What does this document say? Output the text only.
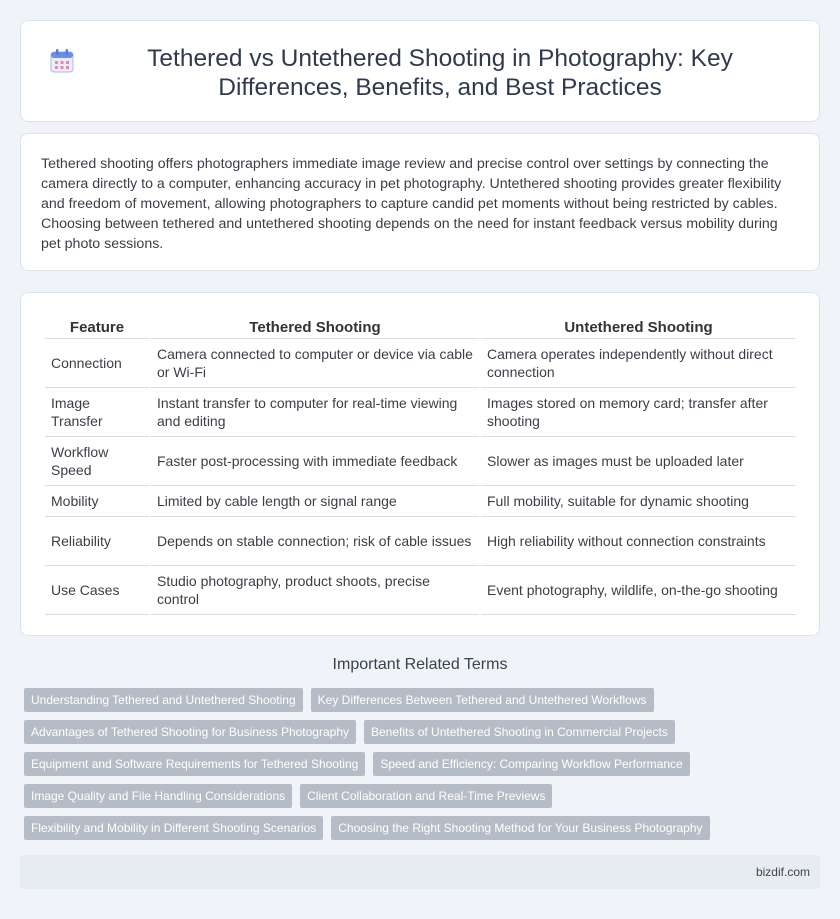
Tethered vs Untethered Shooting in Photography: Key Differences, Benefits, and Best Practices

Tethered shooting offers photographers immediate image review and precise control over settings by connecting the camera directly to a computer, enhancing accuracy in pet photography. Untethered shooting provides greater flexibility and freedom of movement, allowing photographers to capture candid pet moments without being restricted by cables. Choosing between tethered and untethered shooting depends on the need for instant feedback versus mobility during pet photo sessions.

Feature	Tethered Shooting	Untethered Shooting
Connection	Camera connected to computer or device via cable or Wi-Fi	Camera operates independently without direct connection
Image Transfer	Instant transfer to computer for real-time viewing and editing	Images stored on memory card; transfer after shooting
Workflow Speed	Faster post-processing with immediate feedback	Slower as images must be uploaded later
Mobility	Limited by cable length or signal range	Full mobility, suitable for dynamic shooting
Reliability	Depends on stable connection; risk of cable issues	High reliability without connection constraints
Use Cases	Studio photography, product shoots, precise control	Event photography, wildlife, on-the-go shooting
Important Related Terms
Understanding Tethered and Untethered Shooting	Key Differences Between Tethered and Untethered Workflows
Advantages of Tethered Shooting for Business Photography	Benefits of Untethered Shooting in Commercial Projects
Equipment and Software Requirements for Tethered Shooting	Speed and Efficiency: Comparing Workflow Performance
Image Quality and File Handling Considerations	Client Collaboration and Real-Time Previews
Flexibility and Mobility in Different Shooting Scenarios	Choosing the Right Shooting Method for Your Business Photography
bizdif.com
